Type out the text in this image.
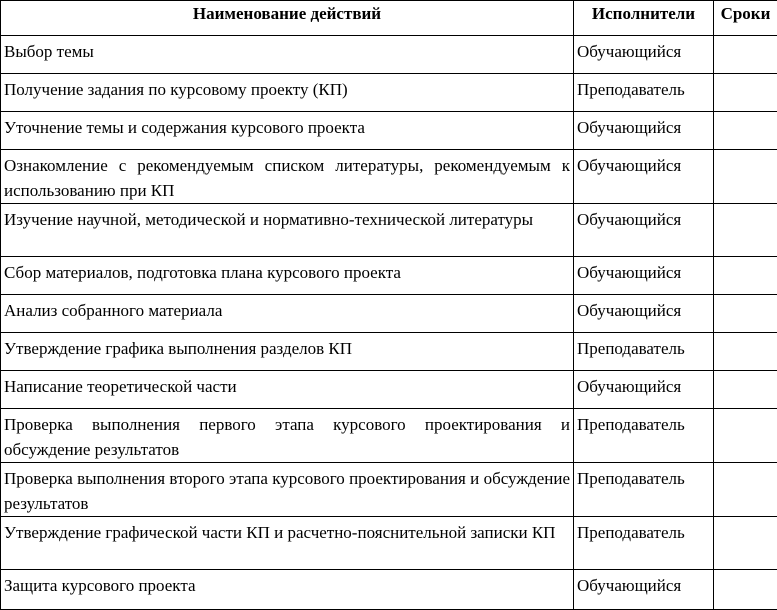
Наименование действий	Исполнители	Сроки
Выбор темы	Обучающийся	
Получение задания по курсовому проекту (КП)	Преподаватель	
Уточнение темы и содержания курсового проекта	Обучающийся	
Ознакомление с рекомендуемым списком литературы, рекомендуемым к использованию при КП	Обучающийся	
Изучение научной, методической и нормативно-технической литературы	Обучающийся	
Сбор материалов, подготовка плана курсового проекта	Обучающийся	
Анализ собранного материала	Обучающийся	
Утверждение графика выполнения разделов КП	Преподаватель	
Написание теоретической части	Обучающийся	
Проверка выполнения первого этапа курсового проектирования и обсуждение результатов	Преподаватель	
Проверка выполнения второго этапа курсового проектирования и обсуждение результатов	Преподаватель	
Утверждение графической части КП и расчетно-пояснительной записки КП	Преподаватель	
Защита курсового проекта	Обучающийся	
